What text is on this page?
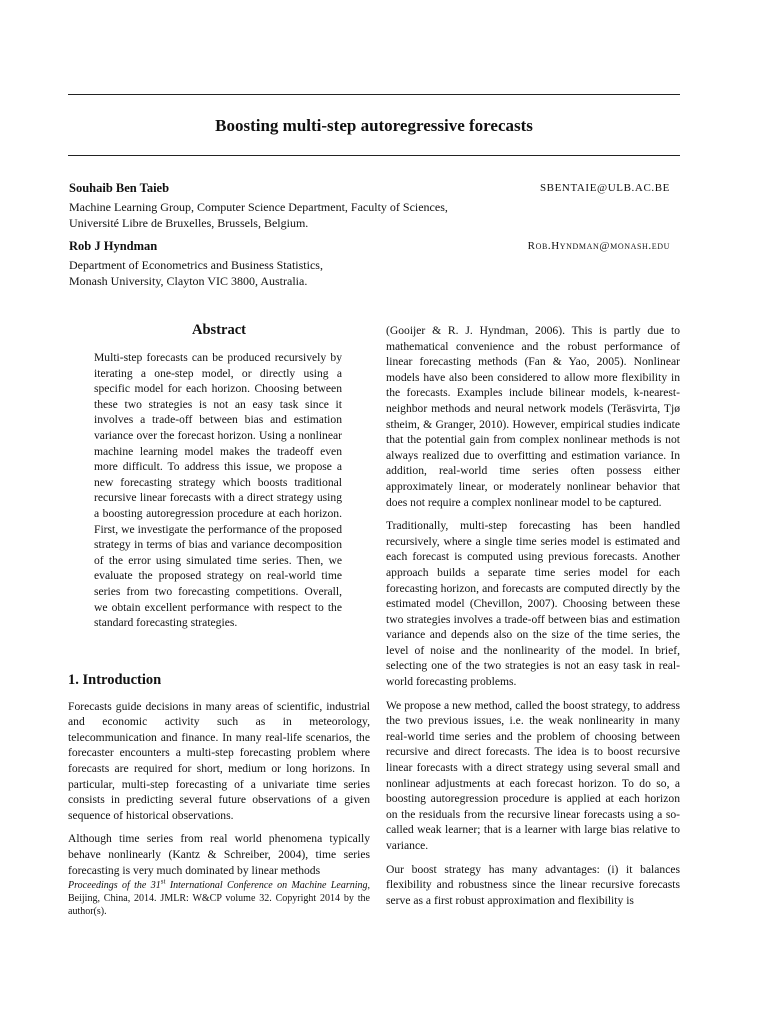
Boosting multi-step autoregressive forecasts
Souhaib Ben Taieb	SBENTAIE@ULB.AC.BE
Machine Learning Group, Computer Science Department, Faculty of Sciences,
Université Libre de Bruxelles, Brussels, Belgium.
Rob J Hyndman	Rob.Hyndman@monash.edu
Department of Econometrics and Business Statistics,
Monash University, Clayton VIC 3800, Australia.
Abstract

Multi-step forecasts can be produced recursively by iterating a one-step model, or directly using a specific model for each horizon. Choosing between these two strategies is not an easy task since it involves a trade-off between bias and estimation variance over the forecast horizon. Using a nonlinear machine learning model makes the tradeoff even more difficult. To address this issue, we propose a new forecasting strategy which boosts traditional recursive linear forecasts with a direct strategy using a boosting autoregression procedure at each horizon. First, we investigate the performance of the proposed strategy in terms of bias and variance decomposition of the error using simulated time series. Then, we evaluate the proposed strategy on real-world time series from two forecasting competitions. Overall, we obtain excellent performance with respect to the standard forecasting strategies.

1. Introduction

Forecasts guide decisions in many areas of scientific, industrial and economic activity such as in meteorology, telecommunication and finance. In many real-life scenarios, the forecaster encounters a multi-step forecasting problem where forecasts are required for short, medium or long horizons. In particular, multi-step forecasting of a univariate time series consists in predicting several future observations of a given sequence of historical observations.

Although time series from real world phenomena typically behave nonlinearly (Kantz & Schreiber, 2004), time series forecasting is very much dominated by linear methods

Proceedings of the 31st International Conference on Machine Learning, Beijing, China, 2014. JMLR: W&CP volume 32. Copyright 2014 by the author(s).

(Gooijer & R. J. Hyndman, 2006). This is partly due to mathematical convenience and the robust performance of linear forecasting methods (Fan & Yao, 2005). Nonlinear models have also been considered to allow more flexibility in the forecasts. Examples include bilinear models, k-nearest-neighbor methods and neural network models (Teräsvirta, Tjø stheim, & Granger, 2010). However, empirical studies indicate that the potential gain from complex nonlinear methods is not always realized due to overfitting and estimation variance. In addition, real-world time series often possess either approximately linear, or moderately nonlinear behavior that does not require a complex nonlinear model to be captured.

Traditionally, multi-step forecasting has been handled recursively, where a single time series model is estimated and each forecast is computed using previous forecasts. Another approach builds a separate time series model for each forecasting horizon, and forecasts are computed directly by the estimated model (Chevillon, 2007). Choosing between these two strategies involves a trade-off between bias and estimation variance and depends also on the size of the time series, the level of noise and the nonlinearity of the model. In brief, selecting one of the two strategies is not an easy task in real-world forecasting problems.

We propose a new method, called the boost strategy, to address the two previous issues, i.e. the weak nonlinearity in many real-world time series and the problem of choosing between recursive and direct forecasts. The idea is to boost recursive linear forecasts with a direct strategy using several small and nonlinear adjustments at each forecast horizon. To do so, a boosting autoregression procedure is applied at each horizon on the residuals from the recursive linear forecasts using a so-called weak learner; that is a learner with large bias relative to variance.

Our boost strategy has many advantages: (i) it balances flexibility and robustness since the linear recursive forecasts serve as a first robust approximation and flexibility is
